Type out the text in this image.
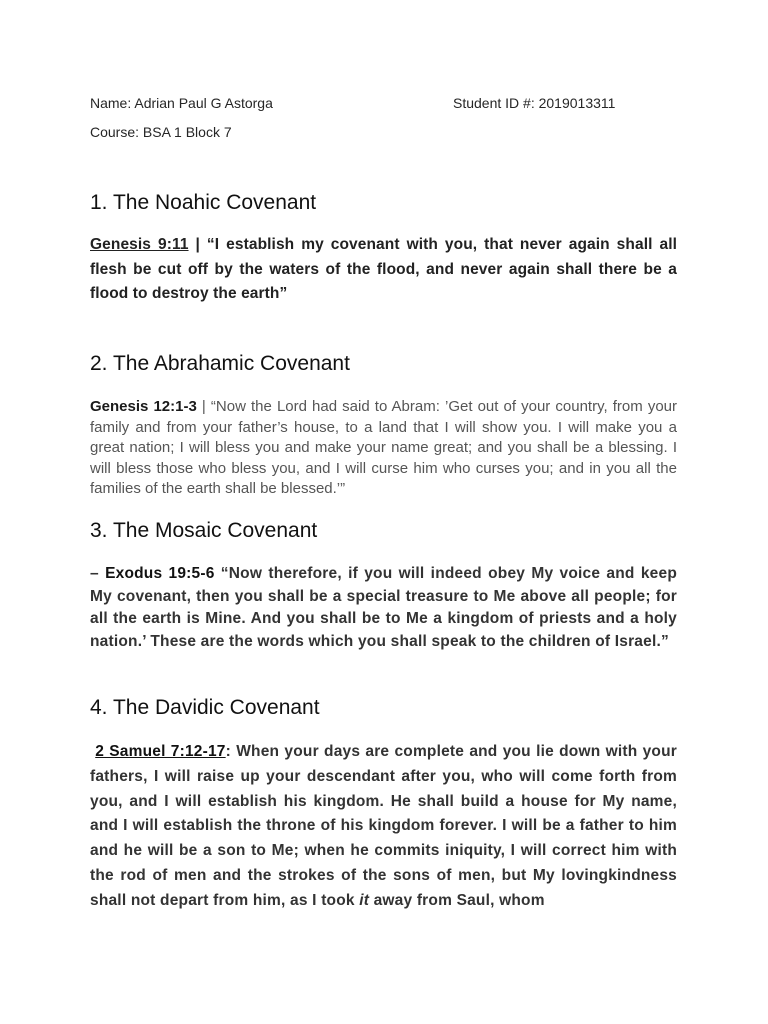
Name: Adrian Paul G Astorga	Student ID #: 2019013311
Course: BSA 1 Block 7
1. The Noahic Covenant

Genesis 9:11 | “I establish my covenant with you, that never again shall all flesh be cut off by the waters of the flood, and never again shall there be a flood to destroy the earth”

2. The Abrahamic Covenant

Genesis 12:1-3 | “Now the Lord had said to Abram: ’Get out of your country, from your family and from your father’s house, to a land that I will show you. I will make you a great nation; I will bless you and make your name great; and you shall be a blessing. I will bless those who bless you, and I will curse him who curses you; and in you all the families of the earth shall be blessed.’”

3. The Mosaic Covenant

– Exodus 19:5-6 “Now therefore, if you will indeed obey My voice and keep My covenant, then you shall be a special treasure to Me above all people; for all the earth is Mine. And you shall be to Me a kingdom of priests and a holy nation.’ These are the words which you shall speak to the children of Israel.”

4. The Davidic Covenant

2 Samuel 7:12-17: When your days are complete and you lie down with your fathers, I will raise up your descendant after you, who will come forth from you, and I will establish his kingdom. He shall build a house for My name, and I will establish the throne of his kingdom forever. I will be a father to him and he will be a son to Me; when he commits iniquity, I will correct him with the rod of men and the strokes of the sons of men, but My lovingkindness shall not depart from him, as I took it away from Saul, whom
